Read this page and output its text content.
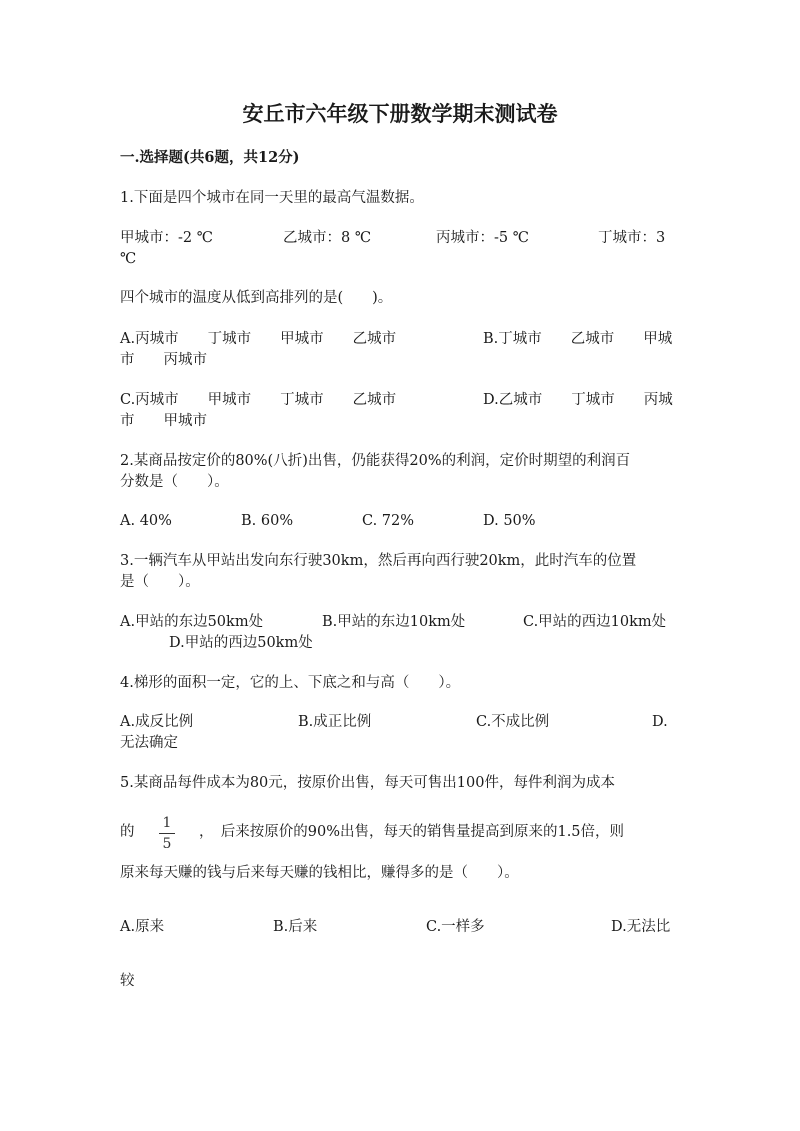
安丘市六年级下册数学期末测试卷
一.选择题(共6题，共12分)
1.下面是四个城市在同一天里的最高气温数据。
甲城市：-2 ℃	乙城市：8 ℃	丙城市：-5 ℃	丁城市：3
℃
四个城市的温度从低到高排列的是(　　)。
A.丙城市　　丁城市　　甲城市　　乙城市	B.丁城市　　乙城市　　甲城
市　　丙城市
C.丙城市　　甲城市　　丁城市　　乙城市	D.乙城市　　丁城市　　丙城
市　　甲城市
2.某商品按定价的80%(八折)出售，仍能获得20%的利润，定价时期望的利润百
分数是（　　）。
A. 40%	B. 60%	C. 72%	D. 50%
3.一辆汽车从甲站出发向东行驶30km，然后再向西行驶20km，此时汽车的位置
是（　　）。
A.甲站的东边50km处	B.甲站的东边10km处	C.甲站的西边10km处
D.甲站的西边50km处
4.梯形的面积一定，它的上、下底之和与高（　　）。
A.成反比例	B.成正比例	C.不成比例	D.
无法确定
5.某商品每件成本为80元，按原价出售，每天可售出100件，每件利润为成本
的
1
5
，　后来按原价的90%出售，每天的销售量提高到原来的1.5倍，则
原来每天赚的钱与后来每天赚的钱相比，赚得多的是（　　）。
A.原来	B.后来	C.一样多	D.无法比
较
